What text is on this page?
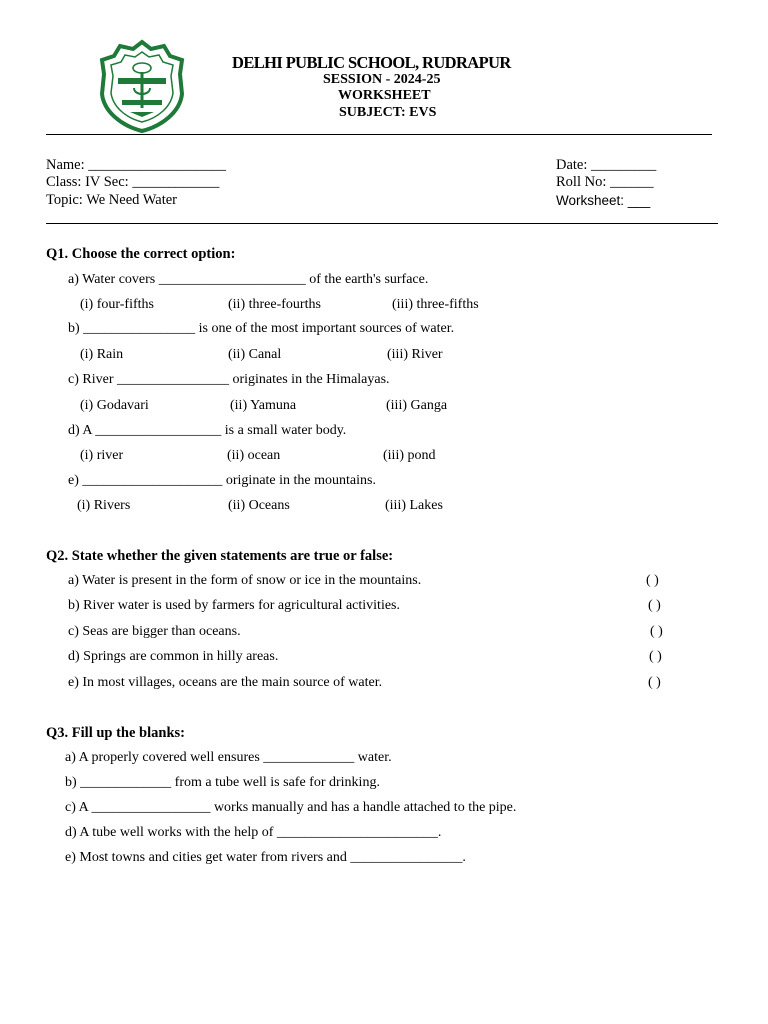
DELHI PUBLIC SCHOOL, RUDRAPUR
SESSION - 2024-25
WORKSHEET
SUBJECT: EVS
Name: ___________________
Class: IV Sec: ____________
Topic: We Need Water
Date: _________
Roll No: ______
Worksheet: ___
Q1. Choose the correct option:
a) Water covers _____________________ of the earth's surface.
(i) four-fifths	(ii) three-fourths	(iii) three-fifths
b) ________________ is one of the most important sources of water.
(i) Rain	(ii) Canal	(iii) River
c) River ________________ originates in the Himalayas.
(i) Godavari	(ii) Yamuna	(iii) Ganga
d) A __________________ is a small water body.
(i) river	(ii) ocean	(iii) pond
e) ____________________ originate in the mountains.
(i) Rivers	(ii) Oceans	(iii) Lakes
Q2. State whether the given statements are true or false:
a) Water is present in the form of snow or ice in the mountains.	( )
b) River water is used by farmers for agricultural activities.	( )
c) Seas are bigger than oceans.	( )
d) Springs are common in hilly areas.	( )
e) In most villages, oceans are the main source of water.	( )
Q3. Fill up the blanks:
a) A properly covered well ensures _____________ water.
b) _____________ from a tube well is safe for drinking.
c) A _________________ works manually and has a handle attached to the pipe.
d) A tube well works with the help of _______________________.
e) Most towns and cities get water from rivers and ________________.
